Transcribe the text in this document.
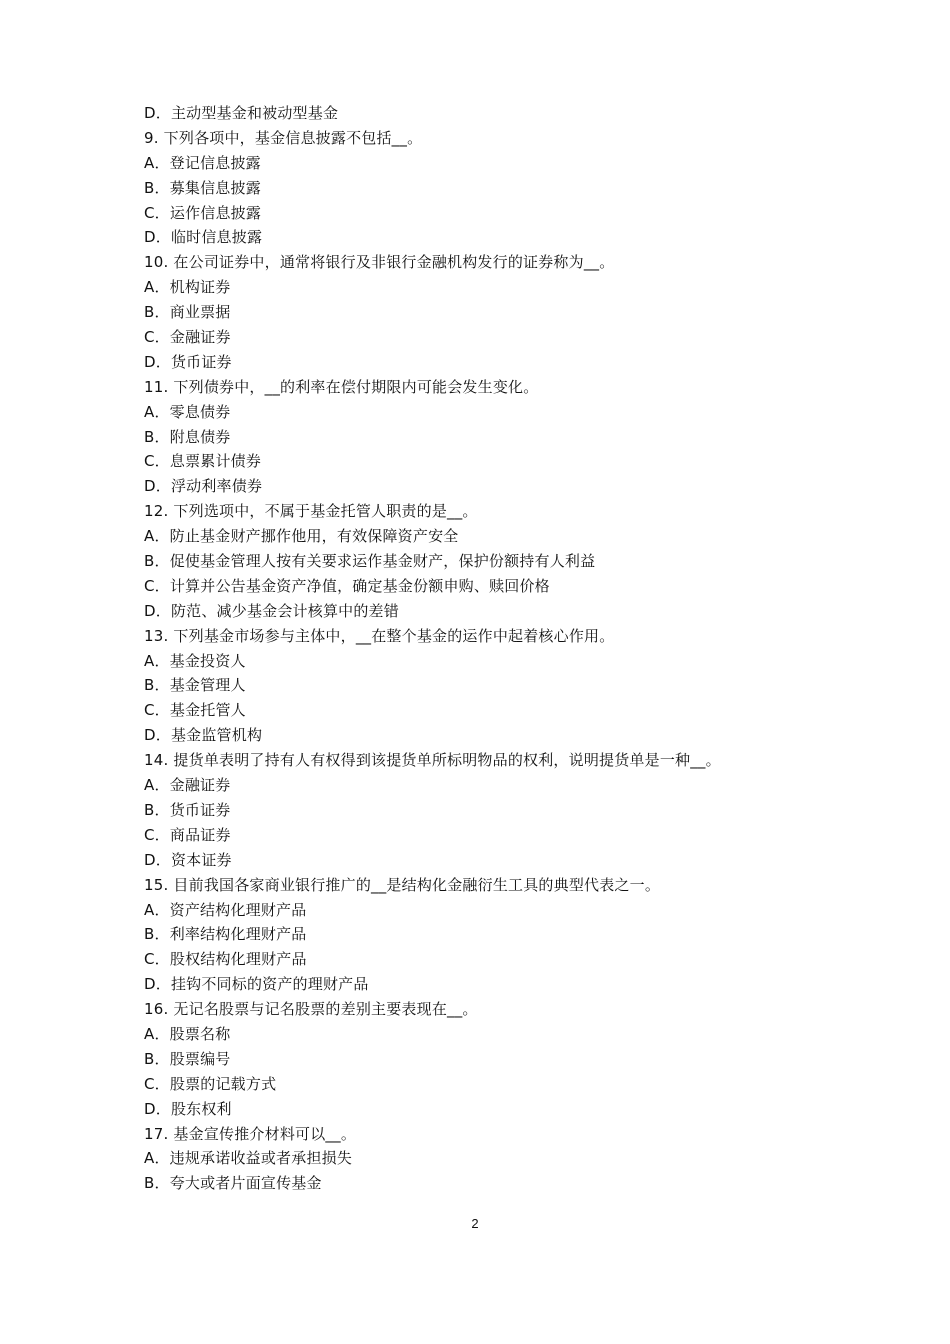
D．主动型基金和被动型基金
9. 下列各项中，基金信息披露不包括__。
A．登记信息披露
B．募集信息披露
C．运作信息披露
D．临时信息披露
10. 在公司证券中，通常将银行及非银行金融机构发行的证券称为__。
A．机构证券
B．商业票据
C．金融证券
D．货币证券
11. 下列债券中，__的利率在偿付期限内可能会发生变化。
A．零息债券
B．附息债券
C．息票累计债券
D．浮动利率债券
12. 下列选项中，不属于基金托管人职责的是__。
A．防止基金财产挪作他用，有效保障资产安全
B．促使基金管理人按有关要求运作基金财产，保护份额持有人利益
C．计算并公告基金资产净值，确定基金份额申购、赎回价格
D．防范、减少基金会计核算中的差错
13. 下列基金市场参与主体中，__在整个基金的运作中起着核心作用。
A．基金投资人
B．基金管理人
C．基金托管人
D．基金监管机构
14. 提货单表明了持有人有权得到该提货单所标明物品的权利，说明提货单是一种__。
A．金融证券
B．货币证券
C．商品证券
D．资本证券
15. 目前我国各家商业银行推广的__是结构化金融衍生工具的典型代表之一。
A．资产结构化理财产品
B．利率结构化理财产品
C．股权结构化理财产品
D．挂钩不同标的资产的理财产品
16. 无记名股票与记名股票的差别主要表现在__。
A．股票名称
B．股票编号
C．股票的记载方式
D．股东权利
17. 基金宣传推介材料可以__。
A．违规承诺收益或者承担损失
B．夸大或者片面宣传基金
2
